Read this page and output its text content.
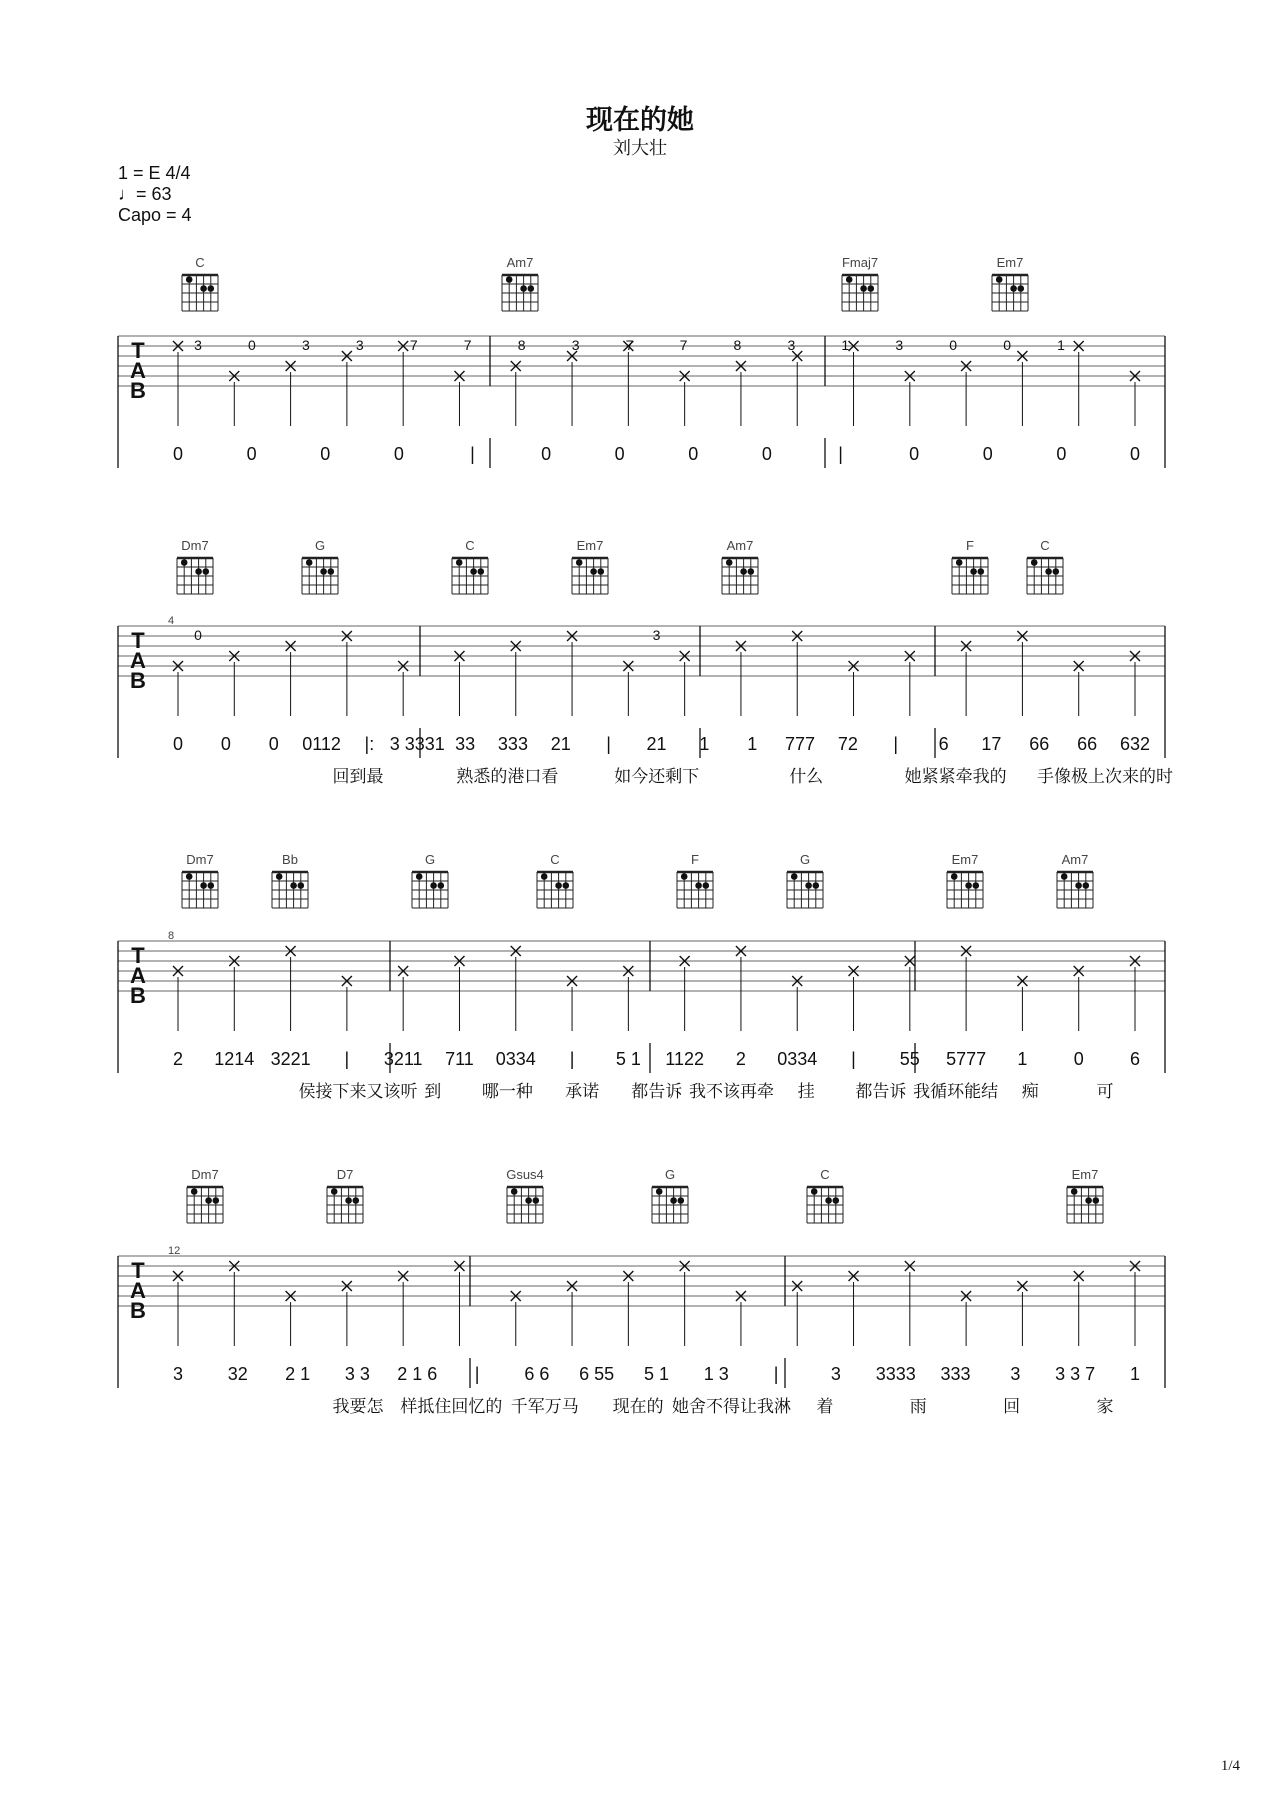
现在的她
刘大壮
1 = E 4/4
♩= 63
Capo = 4
C	Am7	Fmaj7	Em7
T
A
B
3	0	3	3	7	7	8	3	7	7	8	3	1	3	0	0	1
0	0	0	0	|	0	0	0	0	|	0	0	0	0
Dm7	G	C	Em7	Am7	F	C
T
A
B
4
0	3
0 0 0 0112 |: 3 3331 33 333 21 | 21 1 1 777 72 | 6 17 66 66 632
回到最	熟悉的港口看	如今还剩下	什么	她紧紧牵我的 手像极上次来的时
Dm7	Bb	G	C	F	G	Em7	Am7
T
A
B
8
2 1214 3221 | 3211 711 0334 | 5 1 1122 2 0334 | 55 5777 1	0	6
侯接下来又该听 到 哪一种 承诺 都告诉 我不该再牵 挂 都告诉 我循环能结 痴	可
Dm7	D7	Gsus4	G	C	Em7
T
A
B
12
3 32 2 1 3 3 2 1 6 | 6 6 6 55 5 1 1 3 |	3 3333 333 3 3 3 7 1
我要怎 样抵住回忆的 千军万马 现在的 她舍不得让我淋 着	雨	回	家
1/4
